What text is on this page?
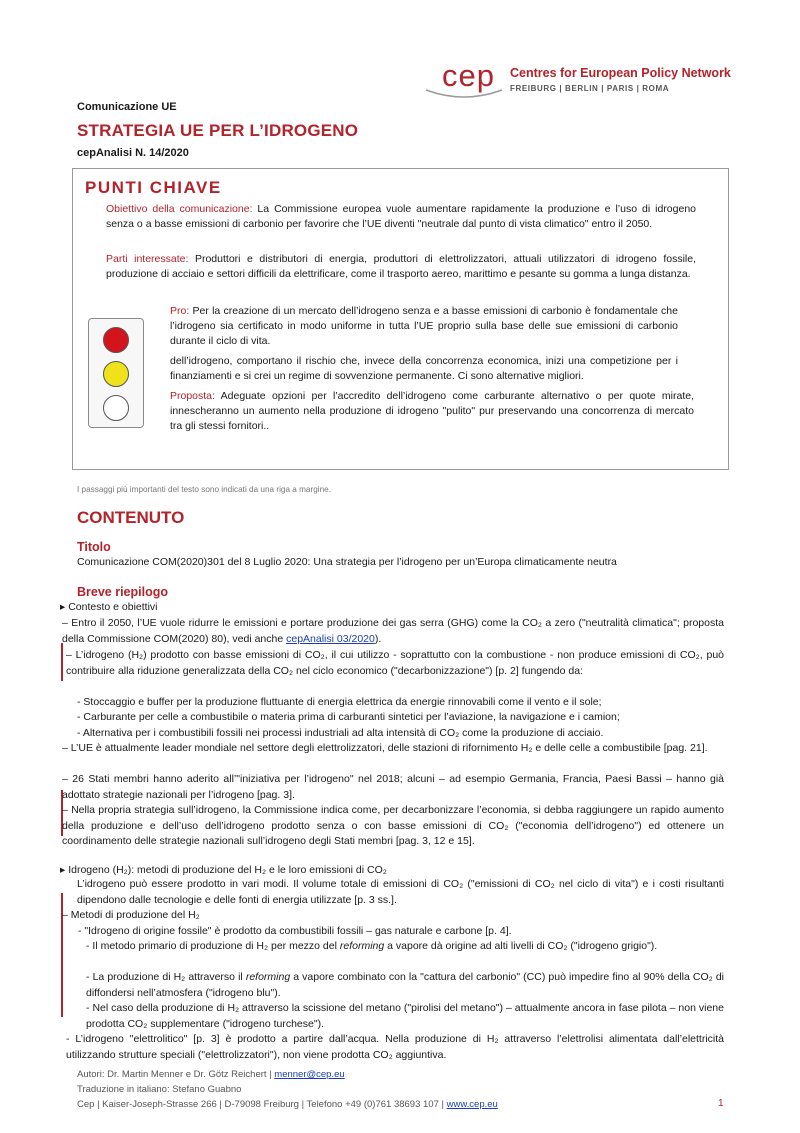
cep Centres for European Policy Network
FREIBURG | BERLIN | PARIS | ROMA
Comunicazione UE
STRATEGIA UE PER L’IDROGENO
cepAnalisi N. 14/2020
PUNTI CHIAVE
Obiettivo della comunicazione: La Commissione europea vuole aumentare rapidamente la produzione e l’uso di idrogeno senza o a basse emissioni di carbonio per favorire che l’UE diventi "neutrale dal punto di vista climatico" entro il 2050.
Parti interessate: Produttori e distributori di energia, produttori di elettrolizzatori, attuali utilizzatori di idrogeno fossile, produzione di acciaio e settori difficili da elettrificare, come il trasporto aereo, marittimo e pesante su gomma a lunga distanza.
Pro: Per la creazione di un mercato dell’idrogeno senza e a basse emissioni di carbonio è fondamentale che l’idrogeno sia certificato in modo uniforme in tutta l’UE proprio sulla base delle sue emissioni di carbonio durante il ciclo di vita.
dell’idrogeno, comportano il rischio che, invece della concorrenza economica, inizi una competizione per i finanziamenti e si crei un regime di sovvenzione permanente. Ci sono alternative migliori.
Proposta: Adeguate opzioni per l’accredito dell’idrogeno come carburante alternativo o per quote mirate, innescheranno un aumento nella produzione di idrogeno "pulito" pur preservando una concorrenza di mercato tra gli stessi fornitori..
I passaggi più importanti del testo sono indicati da una riga a margine.
CONTENUTO
Titolo
Comunicazione COM(2020)301 del 8 Luglio 2020: Una strategia per l’idrogeno per un’Europa climaticamente neutra
Breve riepilogo
▸ Contesto e obiettivi
– Entro il 2050, l’UE vuole ridurre le emissioni e portare produzione dei gas serra (GHG) come la CO₂ a zero ("neutralità climatica"; proposta della Commissione COM(2020) 80), vedi anche cepAnalisi 03/2020).
– L’idrogeno (H₂) prodotto con basse emissioni di CO₂, il cui utilizzo - soprattutto con la combustione - non produce emissioni di CO₂, può contribuire alla riduzione generalizzata della CO₂ nel ciclo economico ("decarbonizzazione") [p. 2] fungendo da:
- Stoccaggio e buffer per la produzione fluttuante di energia elettrica da energie rinnovabili come il vento e il sole;
- Carburante per celle a combustibile o materia prima di carburanti sintetici per l’aviazione, la navigazione e i camion;
- Alternativa per i combustibili fossili nei processi industriali ad alta intensità di CO₂ come la produzione di acciaio.
– L’UE è attualmente leader mondiale nel settore degli elettrolizzatori, delle stazioni di rifornimento H₂ e delle celle a combustibile [pag. 21].
– 26 Stati membri hanno aderito all’"iniziativa per l’idrogeno" nel 2018; alcuni – ad esempio Germania, Francia, Paesi Bassi – hanno già adottato strategie nazionali per l’idrogeno [pag. 3].
– Nella propria strategia sull’idrogeno, la Commissione indica come, per decarbonizzare l’economia, si debba raggiungere un rapido aumento della produzione e dell’uso dell’idrogeno prodotto senza o con basse emissioni di CO₂ ("economia dell’idrogeno") ed ottenere un coordinamento delle strategie nazionali sull’idrogeno degli Stati membri [pag. 3, 12 e 15].
▸ Idrogeno (H₂): metodi di produzione del H₂ e le loro emissioni di CO₂
L’idrogeno può essere prodotto in vari modi. Il volume totale di emissioni di CO₂ ("emissioni di CO₂ nel ciclo di vita") e i costi risultanti dipendono dalle tecnologie e delle fonti di energia utilizzate [p. 3 ss.].
– Metodi di produzione del H₂
- "Idrogeno di origine fossile" è prodotto da combustibili fossili – gas naturale e carbone [p. 4].
- Il metodo primario di produzione di H₂ per mezzo del reforming a vapore dà origine ad alti livelli di CO₂ ("idrogeno grigio").
- La produzione di H₂ attraverso il reforming a vapore combinato con la "cattura del carbonio" (CC) può impedire fino al 90% della CO₂ di diffondersi nell’atmosfera ("idrogeno blu").
- Nel caso della produzione di H₂ attraverso la scissione del metano ("pirolisi del metano") – attualmente ancora in fase pilota – non viene prodotta CO₂ supplementare ("idrogeno turchese").
- L’idrogeno "elettrolitico" [p. 3] è prodotto a partire dall’acqua. Nella produzione di H₂ attraverso l’elettrolisi alimentata dall’elettricità utilizzando strutture speciali ("elettrolizzatori"), non viene prodotta CO₂ aggiuntiva.
Autori: Dr. Martin Menner e Dr. Götz Reichert | menner@cep.eu
Traduzione in italiano: Stefano Guabno
Cep | Kaiser-Joseph-Strasse 266 | D-79098 Freiburg | Telefono +49 (0)761 38693 107 | www.cep.eu	1
